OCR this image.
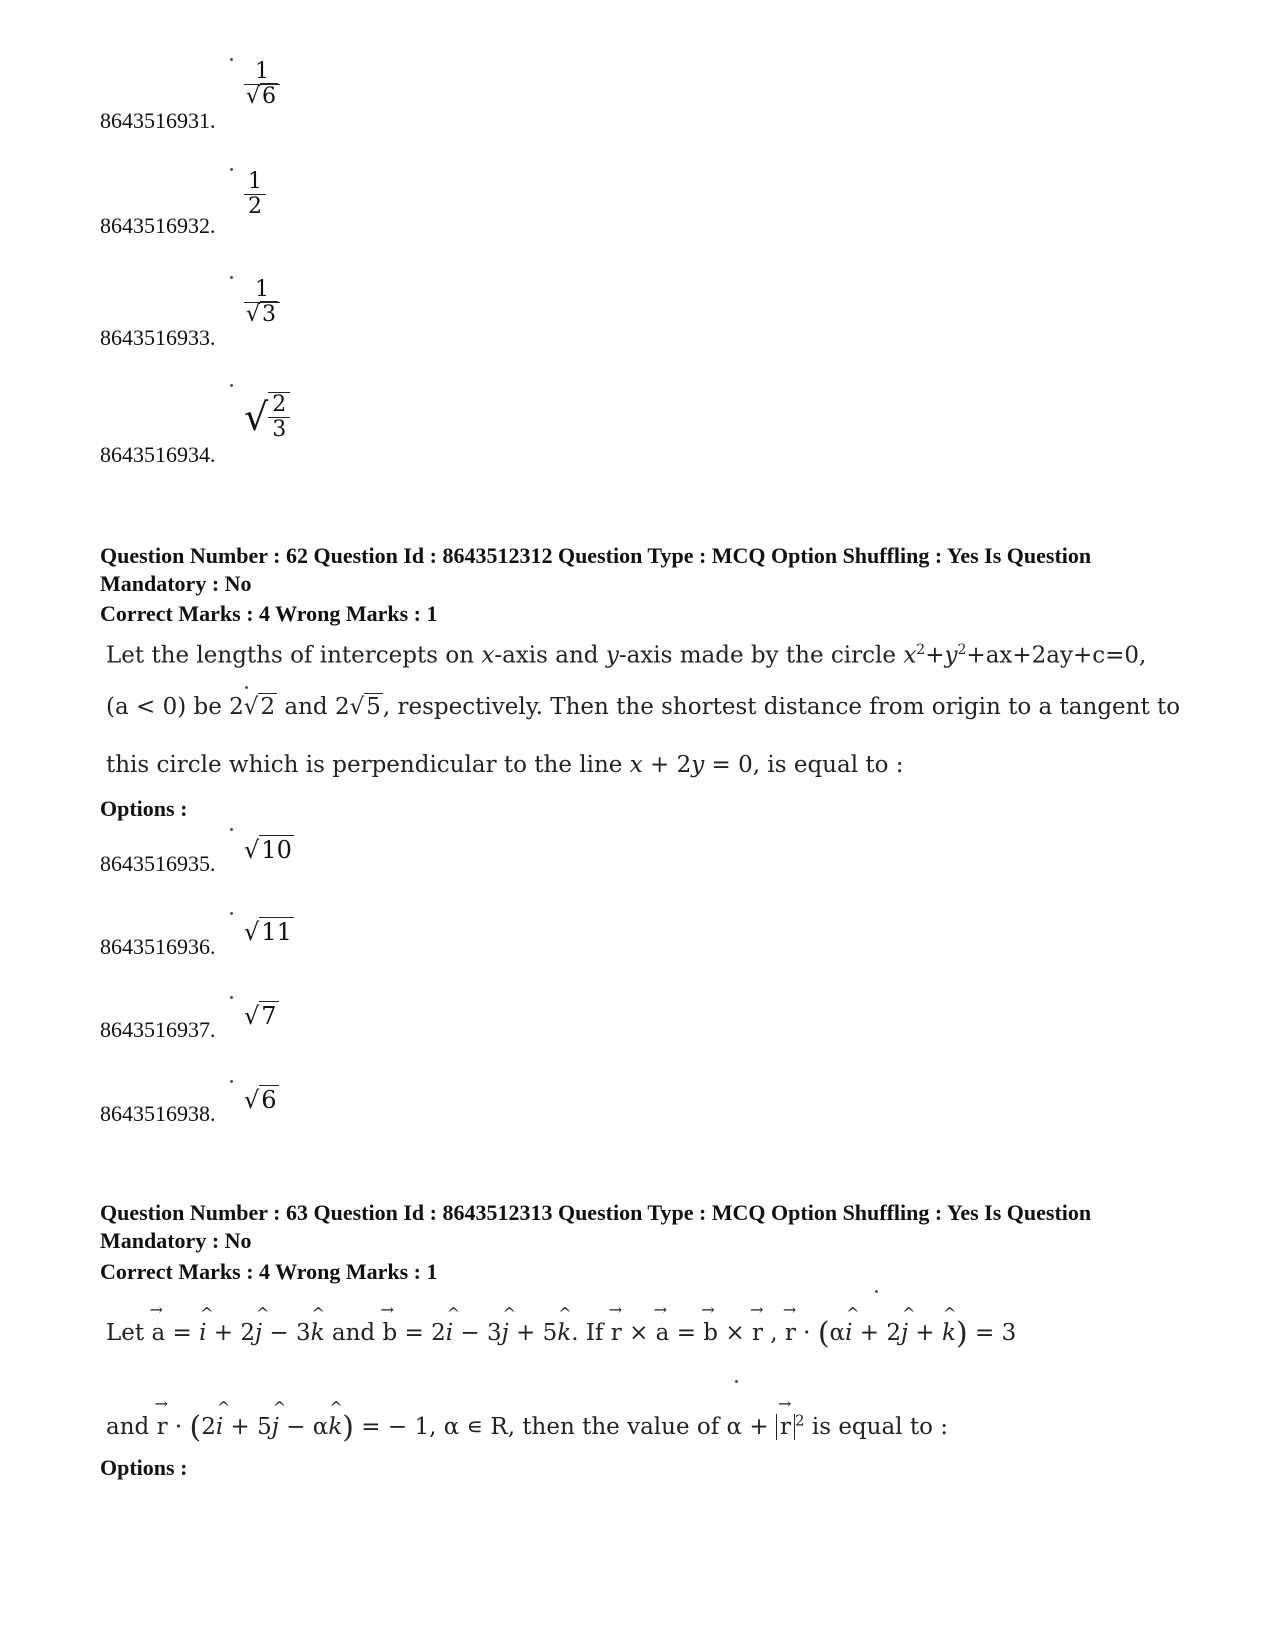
8643516931.
$\frac{1}{√6}$
8643516932.
$\frac{1}{2}$
8643516933.
$\frac{1}{√3}$
8643516934.
√ $\frac{2}{3}$
Question Number : 62 Question Id : 8643512312 Question Type : MCQ Option Shuffling : Yes Is Question Mandatory : No
Correct Marks : 4 Wrong Marks : 1
Let the lengths of intercepts on x-axis and y-axis made by the circle $x^2+y^2+ax+2ay+c=0$,
(a < 0) be 2√2 and 2√5, respectively. Then the shortest distance from origin to a tangent to
this circle which is perpendicular to the line x + 2y = 0, is equal to :
Options :
8643516935. √10
8643516936.
√11
8643516937. √7
8643516938. √6
Question Number : 63 Question Id : 8643512313 Question Type : MCQ Option Shuffling : Yes Is Question Mandatory : No
Correct Marks : 4 Wrong Marks : 1
Let → a = ^ i + 2^ j − 3^ k and → b = 2^ i − 3^ j + 5^ k. If → r × → a = → b × → r , → r · (α^ i + 2^ j + ^ k) = 3
and → r · (2^ i + 5^ j − α^ k) = − 1, α ∊ R, then the value of α + → r $^2$ is equal to :
Options :
